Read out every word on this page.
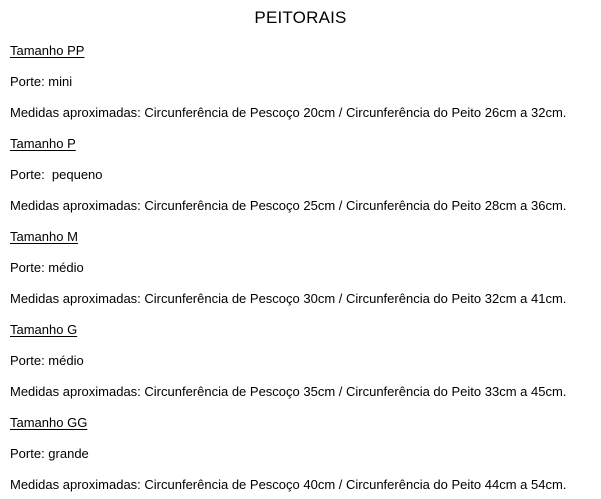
PEITORAIS
Tamanho PP
Porte: mini
Medidas aproximadas: Circunferência de Pescoço 20cm / Circunferência do Peito 26cm a 32cm.
Tamanho P
Porte:  pequeno
Medidas aproximadas: Circunferência de Pescoço 25cm / Circunferência do Peito 28cm a 36cm.
Tamanho M
Porte: médio
Medidas aproximadas: Circunferência de Pescoço 30cm / Circunferência do Peito 32cm a 41cm.
Tamanho G
Porte: médio
Medidas aproximadas: Circunferência de Pescoço 35cm / Circunferência do Peito 33cm a 45cm.
Tamanho GG
Porte: grande
Medidas aproximadas: Circunferência de Pescoço 40cm / Circunferência do Peito 44cm a 54cm.
